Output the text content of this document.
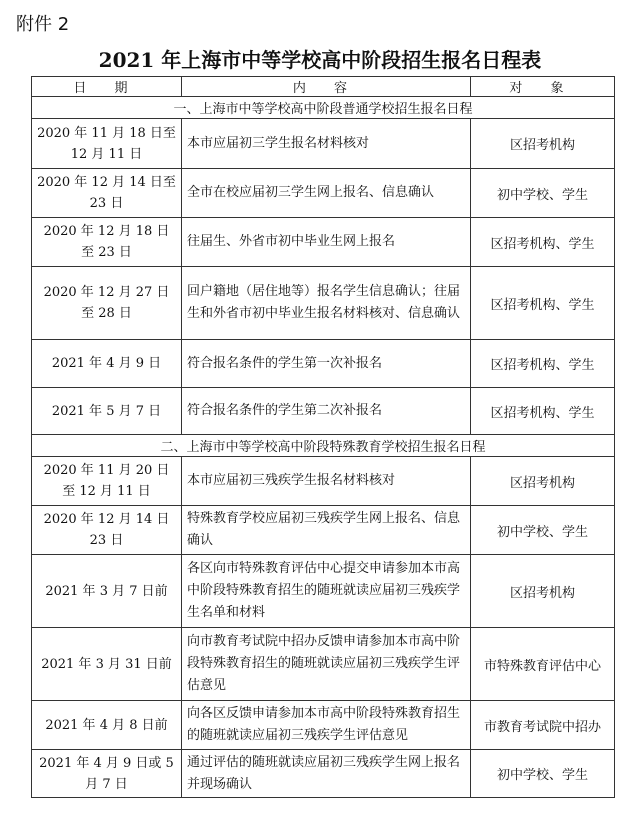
附件 2
2021 年上海市中等学校高中阶段招生报名日程表
日 期	内 容	对 象
一、上海市中等学校高中阶段普通学校招生报名日程		
2020 年 11 月 18 日至 12 月 11 日	本市应届初三学生报名材料核对	区招考机构
2020 年 12 月 14 日至 23 日	全市在校应届初三学生网上报名、信息确认	初中学校、学生
2020 年 12 月 18 日 至 23 日	往届生、外省市初中毕业生网上报名	区招考机构、学生
2020 年 12 月 27 日 至 28 日	回户籍地（居住地等）报名学生信息确认；往届生和外省市初中毕业生报名材料核对、信息确认	区招考机构、学生
2021 年 4 月 9 日	符合报名条件的学生第一次补报名	区招考机构、学生
2021 年 5 月 7 日	符合报名条件的学生第二次补报名	区招考机构、学生
二、上海市中等学校高中阶段特殊教育学校招生报名日程		
2020 年 11 月 20 日 至 12 月 11 日	本市应届初三残疾学生报名材料核对	区招考机构
2020 年 12 月 14 日 23 日	特殊教育学校应届初三残疾学生网上报名、信息确认	初中学校、学生
2021 年 3 月 7 日前	各区向市特殊教育评估中心提交申请参加本市高中阶段特殊教育招生的随班就读应届初三残疾学生名单和材料	区招考机构
2021 年 3 月 31 日前	向市教育考试院中招办反馈申请参加本市高中阶段特殊教育招生的随班就读应届初三残疾学生评估意见	市特殊教育评估中心
2021 年 4 月 8 日前	向各区反馈申请参加本市高中阶段特殊教育招生的随班就读应届初三残疾学生评估意见	市教育考试院中招办
2021 年 4 月 9 日或 5 月 7 日	通过评估的随班就读应届初三残疾学生网上报名并现场确认	初中学校、学生
